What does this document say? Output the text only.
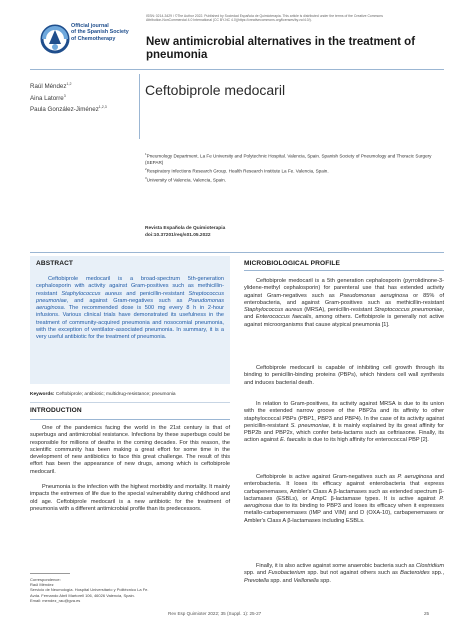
Official journal
of the Spanish Society
of Chemotherapy
ISSN: 0214-3429 / ©The Author 2022. Published by Sociedad Española de Quimioterapia. This article is distributed under the terms of the Creative Commons
Attribution-NonCommercial 4.0 International (CC BY-NC 4.0)(https://creativecommons.org/licenses/by-nc/4.0/).
New antimicrobial alternatives in the treatment of pneumonia
Raúl Méndez$^{1,2}$
Aina Latorre$^3$
Paula González-Jiménez$^{1,2,3}$
Ceftobiprole medocaril
$^1$Pneumology Department. La Fe University and Polytechnic Hospital. Valencia, Spain. Spanish Society of Pneumology and Thoracic Surgery (SEPAR)
$^2$Respiratory Infections Research Group. Health Research Institute La Fe. Valencia, Spain.
$^3$University of Valencia. Valencia, Spain.
Revista Española de Quimioterapia
doi:10.37201/req/s01.05.2022
ABSTRACT
Ceftobiprole medocaril is a broad-spectrum 5th-generation cephalosporin with activity against Gram-positives such as methicillin-resistant Staphylococcus aureus and penicillin-resistant Streptococcus pneumoniae, and against Gram-negatives such as Pseudomonas aeruginosa. The recommended dose is 500 mg every 8 h in 2-hour infusions. Various clinical trials have demonstrated its usefulness in the treatment of community-acquired pneumonia and nosocomial pneumonia, with the exception of ventilator-associated pneumonia. In summary, it is a very useful antibiotic for the treatment of pneumonia.
Keywords: Ceftobiprole; antibiotic; multidrug-resistance; pneumonia
INTRODUCTION
One of the pandemics facing the world in the 21st century is that of superbugs and antimicrobial resistance. Infections by these superbugs could be responsible for millions of deaths in the coming decades. For this reason, the scientific community has been making a great effort for some time in the development of new antibiotics to face this great challenge. The result of this effort has been the appearance of new drugs, among which is ceftobiprole medocaril.
Pneumonia is the infection with the highest morbidity and mortality. It mainly impacts the extremes of life due to the special vulnerability during childhood and old age. Ceftobiprole medocaril is a new antibiotic for the treatment of pneumonia with a different antimicrobial profile than its predecessors.
Correspondence:
Raúl Méndez
Servicio de Neumología. Hospital Universitario y Politécnico La Fe.
Avda. Fernando Abril Martorell 106, 46026 Valencia, Spain.
Email: mendez_rau@gva.es
MICROBIOLOGICAL PROFILE
Ceftobiprole medocaril is a 5th generation cephalosporin (pyrrolidinone-3-ylidene-methyl cephalosporin) for parenteral use that has extended activity against Gram-negatives such as Pseudomonas aeruginosa or 85% of enterobacteria, and against Gram-positives such as methicillin-resistant Staphylococcus aureus (MRSA), penicillin-resistant Streptococcus pneumoniae, and Enterococcus faecalis, among others. Ceftobiprole is generally not active against microorganisms that cause atypical pneumonia [1].
Ceftobiprole medocaril is capable of inhibiting cell growth through its binding to penicillin-binding proteins (PBPs), which hinders cell wall synthesis and induces bacterial death.
In relation to Gram-positives, its activity against MRSA is due to its union with the extended narrow groove of the PBP2a and its affinity to other staphylococcal PBPs (PBP1, PBP3 and PBP4). In the case of its activity against penicillin-resistant S. pneumoniae, it is mainly explained by its great affinity for PBP2b and PBP2x, which confer beta-lactams such as ceftriaxone. Finally, its action against E. faecalis is due to its high affinity for enterococcal PBP [2].
Ceftobiprole is active against Gram-negatives such as P. aeruginosa and enterobacteria. It loses its efficacy against enterobacteria that express carbapenemases, Ambler's Class A β-lactamases such as extended spectrum β-lactamases (ESBLs), or AmpC β-lactamase types. It is active against P. aeruginosa due to its binding to PBP3 and loses its efficacy when it expresses metallo-carbapenemases (IMP and VIM) and D (OXA-10), carbapenemases or Ambler's Class A β-lactamases including ESBLs.
Finally, it is also active against some anaerobic bacteria such as Clostridium spp. and Fusobacterium spp. but not against others such as Bacteroides spp., Prevotella spp. and Veillonella spp.
Rev Esp Quimioter 2022; 35 (Suppl. 1): 25-27	25
